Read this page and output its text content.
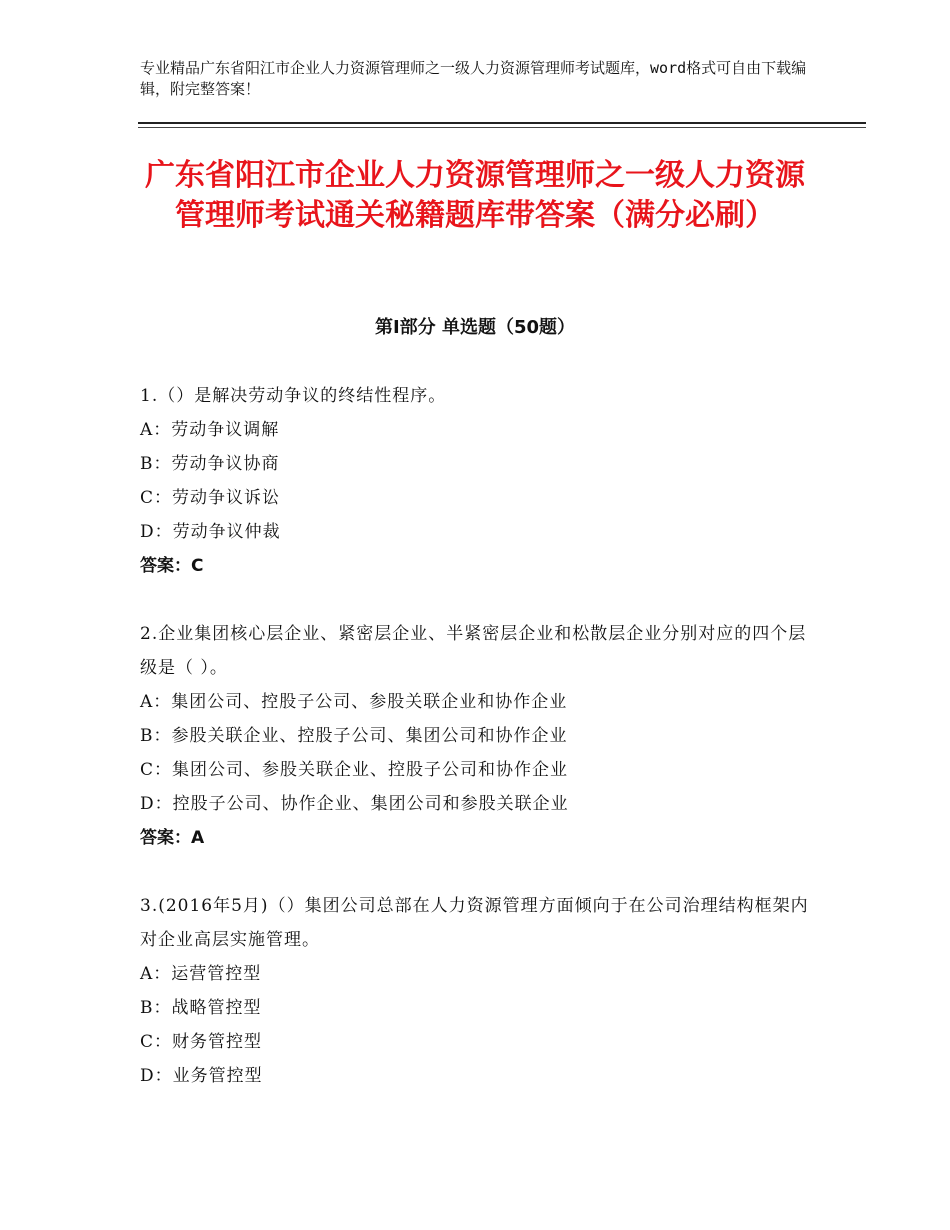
专业精品广东省阳江市企业人力资源管理师之一级人力资源管理师考试题库，word格式可自由下载编辑，附完整答案！
广东省阳江市企业人力资源管理师之一级人力资源管理师考试通关秘籍题库带答案（满分必刷）
第Ⅰ部分 单选题（50题）
1.（）是解决劳动争议的终结性程序。
A：劳动争议调解
B：劳动争议协商
C：劳动争议诉讼
D：劳动争议仲裁
答案：C
2.企业集团核心层企业、紧密层企业、半紧密层企业和松散层企业分别对应的四个层级是（ ）。
A：集团公司、控股子公司、参股关联企业和协作企业
B：参股关联企业、控股子公司、集团公司和协作企业
C：集团公司、参股关联企业、控股子公司和协作企业
D：控股子公司、协作企业、集团公司和参股关联企业
答案：A
3.(2016年5月)（）集团公司总部在人力资源管理方面倾向于在公司治理结构框架内对企业高层实施管理。
A：运营管控型
B：战略管控型
C：财务管控型
D：业务管控型
